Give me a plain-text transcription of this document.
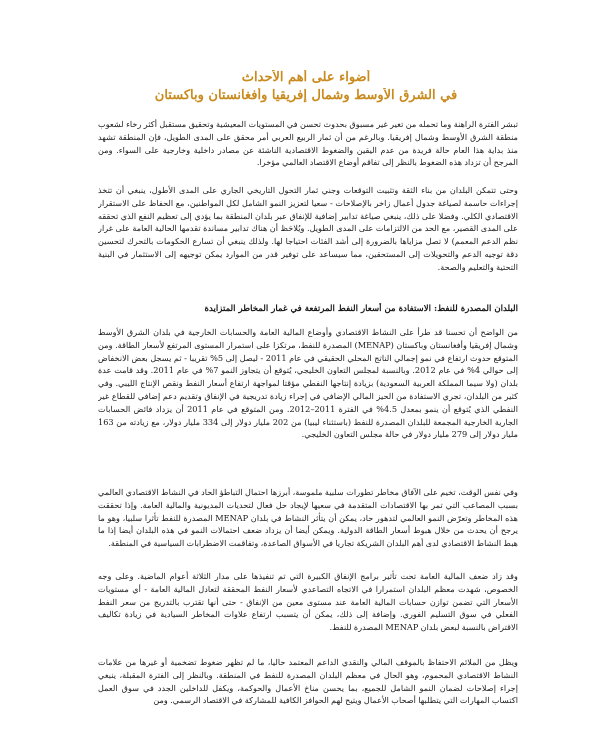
أضواء على أهم الأحداث
في الشرق الأوسط وشمال إفريقيا وأفغانستان وباكستان

تبشر الفترة الراهنة وما تحمله من تغير غير مسبوق بحدوث تحسن في المستويات المعيشية وتحقيق مستقبل أكثر رخاء لشعوب منطقة الشرق الأوسط وشمال إفريقيا. وبالرغم من أن ثمار الربيع العربي أمر محقق على المدى الطويل، فإن المنطقة تشهد منذ بداية هذا العام حالة فريدة من عدم اليقين والضغوط الاقتصادية الناشئة عن مصادر داخلية وخارجية على السواء. ومن المرجح أن تزداد هذه الضغوط بالنظر إلى تفاقم أوضاع الاقتصاد العالمي مؤخرا.

وحتى تتمكن البلدان من بناء الثقة وتثبيت التوقعات وجني ثمار التحول التاريخي الجاري على المدى الأطول، ينبغي أن تتخذ إجراءات حاسمة لصياغة جدول أعمال زاخر بالإصلاحات - سعيا لتعزيز النمو الشامل لكل المواطنين، مع الحفاظ على الاستقرار الاقتصادي الكلي. وفضلا على ذلك، ينبغي صياغة تدابير إضافية للإنفاق عبر بلدان المنطقة بما يؤدي إلى تعظيم النفع الذي تحققه على المدى القصير، مع الحد من الالتزامات على المدى الطويل. ويُلاحَظ أن هناك تدابير مساندة تقدمها الحالية العامة على غرار نظم الدعم المعمم) لا تصل مزاياها بالضرورة إلى أشد الفئات احتياجا لها. ولذلك ينبغي أن تسارع الحكومات بالتحرك لتحسين دقة توجيه الدعم والتحويلات إلى المستحقين، مما سيساعد على توفير قدر من الموارد يمكن توجيهه إلى الاستثمار في البنية التحتية والتعليم والصحة.

البلدان المصدرة للنفط: الاستفادة من أسعار النفط المرتفعة في غمار المخاطر المتزايدة

من الواضح أن تحسنا قد طرأ على النشاط الاقتصادي وأوضاع المالية العامة والحسابات الخارجية في بلدان الشرق الأوسط وشمال إفريقيا وأفغانستان وباكستان (MENAP) المصدرة للنفط، مرتكزا على استمرار المستوى المرتفع لأسعار الطاقة. ومن المتوقع حدوث ارتفاع في نمو إجمالي الناتج المحلي الحقيقي في عام 2011 - ليصل إلى 5% تقريبا - ثم يسجل بعض الانخفاض إلى حوالي 4% في عام 2012. وبالنسبة لمجلس التعاون الخليجي، يُتوقع أن يتجاوز النمو 7% في عام 2011. وقد قامت عدة بلدان (ولا سيما المملكة العربية السعودية) بزيادة إنتاجها النفطي مؤقتا لمواجهة ارتفاع أسعار النفط ونقص الإنتاج الليبي. وفي كثير من البلدان، تجري الاستفادة من الحيز المالي الإضافي في إجراء زيادة تدريجية في الإنفاق وتقديم دعم إضافي للقطاع غير النفطي الذي يُتوقع أن ينمو بمعدل 4.5% في الفترة 2011–2012. ومن المتوقع في عام 2011 أن يزداد فائض الحسابات الجارية الخارجية المجمعة للبلدان المصدرة للنفط (باستثناء ليبيا) من 202 مليار دولار إلى 334 مليار دولار، مع زيادته من 163 مليار دولار إلى 279 مليار دولار في حالة مجلس التعاون الخليجي.

وفي نفس الوقت، تخيم على الآفاق مخاطر تطورات سلبية ملموسة، أبرزها احتمال التباطؤ الحاد في النشاط الاقتصادي العالمي بسبب المصاعب التي تمر بها الاقتصادات المتقدمة في سعيها لإيجاد حل فعال لتحديات المديونية والمالية العامة. وإذا تحققت هذه المخاطر وتعرّض النمو العالمي لتدهور حاد، يمكن أن يتأثر النشاط في بلدان MENAP المصدرة للنفط تأثرا سلبيا، وهو ما يرجح أن يحدث من خلال هبوط أسعار الطاقة الدولية. ويمكن أيضا أن يزداد ضعف احتمالات النمو في هذه البلدان أيضا إذا ما هبط النشاط الاقتصادي لدى أهم البلدان الشريكة تجاريا في الأسواق الصاعدة، وتفاقمت الاضطرابات السياسية في المنطقة.

وقد زاد ضعف المالية العامة تحت تأثير برامج الإنفاق الكبيرة التي تم تنفيذها على مدار الثلاثة أعوام الماضية. وعلى وجه الخصوص، شهدت معظم البلدان استمرارا في الاتجاه التصاعدي لأسعار النفط المحققة لتعادل المالية العامة - أي مستويات الأسعار التي تضمن توازن حسابات المالية العامة عند مستوى معين من الإنفاق - حتى أنها تقترب بالتدريج من سعر النفط الفعلي في سوق التسليم الفوري. وإضافة إلى ذلك، يمكن أن يتسبب ارتفاع علاوات المخاطر السيادية في زيادة تكاليف الاقتراض بالنسبة لبعض بلدان MENAP المصدرة للنفط.

ويظل من الملائم الاحتفاظ بالموقف المالي والنقدي الداعم المعتمد حاليا، ما لم تظهر ضغوط تضخمية أو غيرها من علامات النشاط الاقتصادي المحموم، وهو الحال في معظم البلدان المصدرة للنفط في المنطقة. وبالنظر إلى الفترة المقبلة، ينبغي إجراء إصلاحات لضمان النمو الشامل للجميع، بما يحسن مناخ الأعمال والحوكمة، ويكفل للداخلين الجدد في سوق العمل اكتساب المهارات التي يتطلبها أصحاب الأعمال ويتيح لهم الحوافز الكافية للمشاركة في الاقتصاد الرسمي. ومن
